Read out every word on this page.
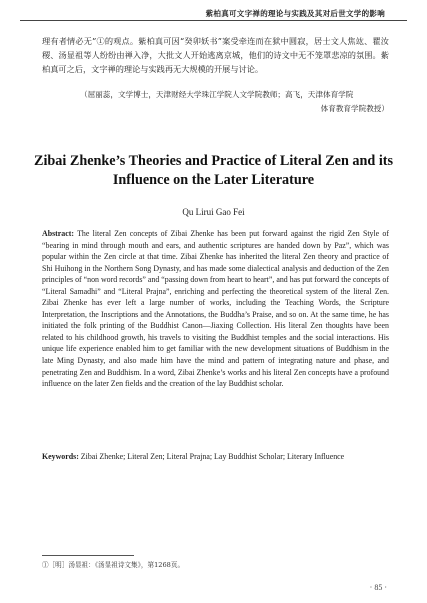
紫柏真可文字禅的理论与实践及其对后世文学的影响

理有者情必无”①的观点。紫柏真可因“癸卯妖书”案受牵连而在狱中圆寂，居士文人焦竑、瞿汝稷、汤显祖等人纷纷由禅入净，大批文人开始逃离京城，他们的诗文中无不笼罩悲凉的氛围。紫柏真可之后，文字禅的理论与实践再无大规模的开展与讨论。

（屈丽蕊，文学博士，天津财经大学珠江学院人文学院教师；高飞，天津体育学院
体育教育学院教授）
Zibai Zhenke’s Theories and Practice of Literal Zen and its Influence on the Later Literature
Qu Lirui Gao Fei

Abstract: The literal Zen concepts of Zibai Zhenke has been put forward against the rigid Zen Style of “bearing in mind through mouth and ears, and authentic scriptures are handed down by Paz”, which was popular within the Zen circle at that time. Zibai Zhenke has inherited the literal Zen theory and practice of Shi Huihong in the Northern Song Dynasty, and has made some dialectical analysis and deduction of the Zen principles of “non word records” and “passing down from heart to heart”, and has put forward the concepts of “Literal Samadhi” and “Literal Prajna”, enriching and perfecting the theoretical system of the literal Zen. Zibai Zhenke has ever left a large number of works, including the Teaching Words, the Scripture Interpretation, the Inscriptions and the Annotations, the Buddha’s Praise, and so on. At the same time, he has initiated the folk printing of the Buddhist Canon—Jiaxing Collection. His literal Zen thoughts have been related to his childhood growth, his travels to visiting the Buddhist temples and the social interactions. His unique life experience enabled him to get familiar with the new development situations of Buddhism in the late Ming Dynasty, and also made him have the mind and pattern of integrating nature and phase, and penetrating Zen and Buddhism. In a word, Zibai Zhenke’s works and his literal Zen concepts have a profound influence on the later Zen fields and the creation of the lay Buddhist scholar.

Keywords: Zibai Zhenke; Literal Zen; Literal Prajna; Lay Buddhist Scholar; Literary Influence
①［明］汤显祖：《汤显祖诗文集》，第1268页。
· 85 ·
